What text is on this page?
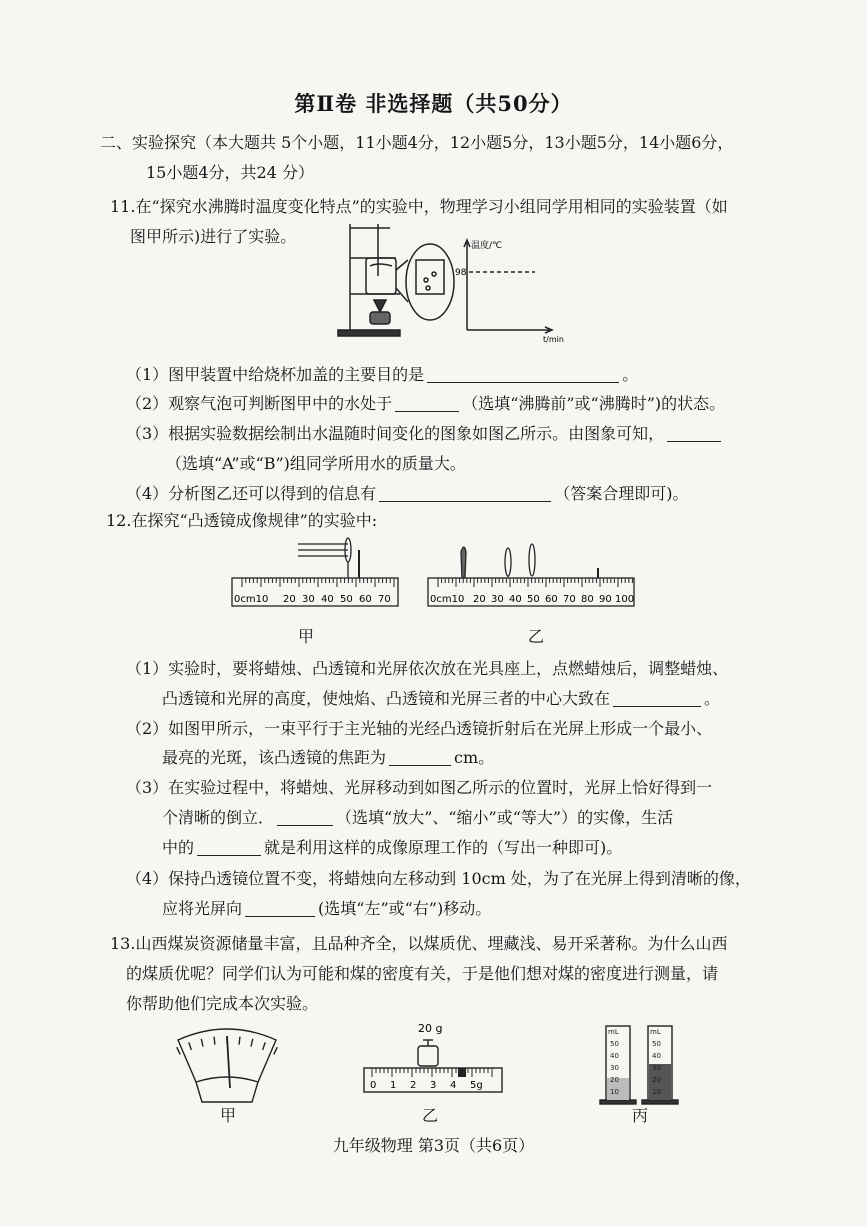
第Ⅱ卷 非选择题（共50分）
二、实验探究（本大题共 5个小题，11小题4分，12小题5分，13小题5分，14小题6分，
15小题4分，共24 分）
11.在“探究水沸腾时温度变化特点”的实验中，物理学习小组同学用相同的实验装置（如
图甲所示)进行了实验。	温度/℃
98
t/min
（1）图甲装置中给烧杯加盖的主要目的是	。
（2）观察气泡可判断图甲中的水处于	（选填“沸腾前”或“沸腾时”)的状态。
（3）根据实验数据绘制出水温随时间变化的图象如图乙所示。由图象可知，
（选填“A”或“B”)组同学所用水的质量大。
（4）分析图乙还可以得到的信息有	（答案合理即可)。
12.在探究“凸透镜成像规律”的实验中:
0cm10 20 30 40 50 60 70	0cm10 20 30 40 50 60 70 80 90 100
甲	乙
（1）实验时，要将蜡烛、凸透镜和光屏依次放在光具座上，点燃蜡烛后，调整蜡烛、
凸透镜和光屏的高度，使烛焰、凸透镜和光屏三者的中心大致在	。
（2）如图甲所示，一束平行于主光轴的光经凸透镜折射后在光屏上形成一个最小、
最亮的光斑，该凸透镜的焦距为	cm。
（3）在实验过程中，将蜡烛、光屏移动到如图乙所示的位置时，光屏上恰好得到一
个清晰的倒立．	（选填“放大”、“缩小”或“等大”）的实像，生活
中的	就是利用这样的成像原理工作的（写出一种即可)。
（4）保持凸透镜位置不变，将蜡烛向左移动到 10cm 处，为了在光屏上得到清晰的像，
应将光屏向	(选填“左”或“右”)移动。
13.山西煤炭资源储量丰富，且品种齐全，以煤质优、埋藏浅、易开采著称。为什么山西
的煤质优呢？同学们认为可能和煤的密度有关，于是他们想对煤的密度进行测量，请
你帮助他们完成本次实验。
20 g
0 1 2 3 4 5g
mL	mL
50
40
30
20
10
50
40
30
20
10
甲	乙	丙
九年级物理 第3页（共6页）
